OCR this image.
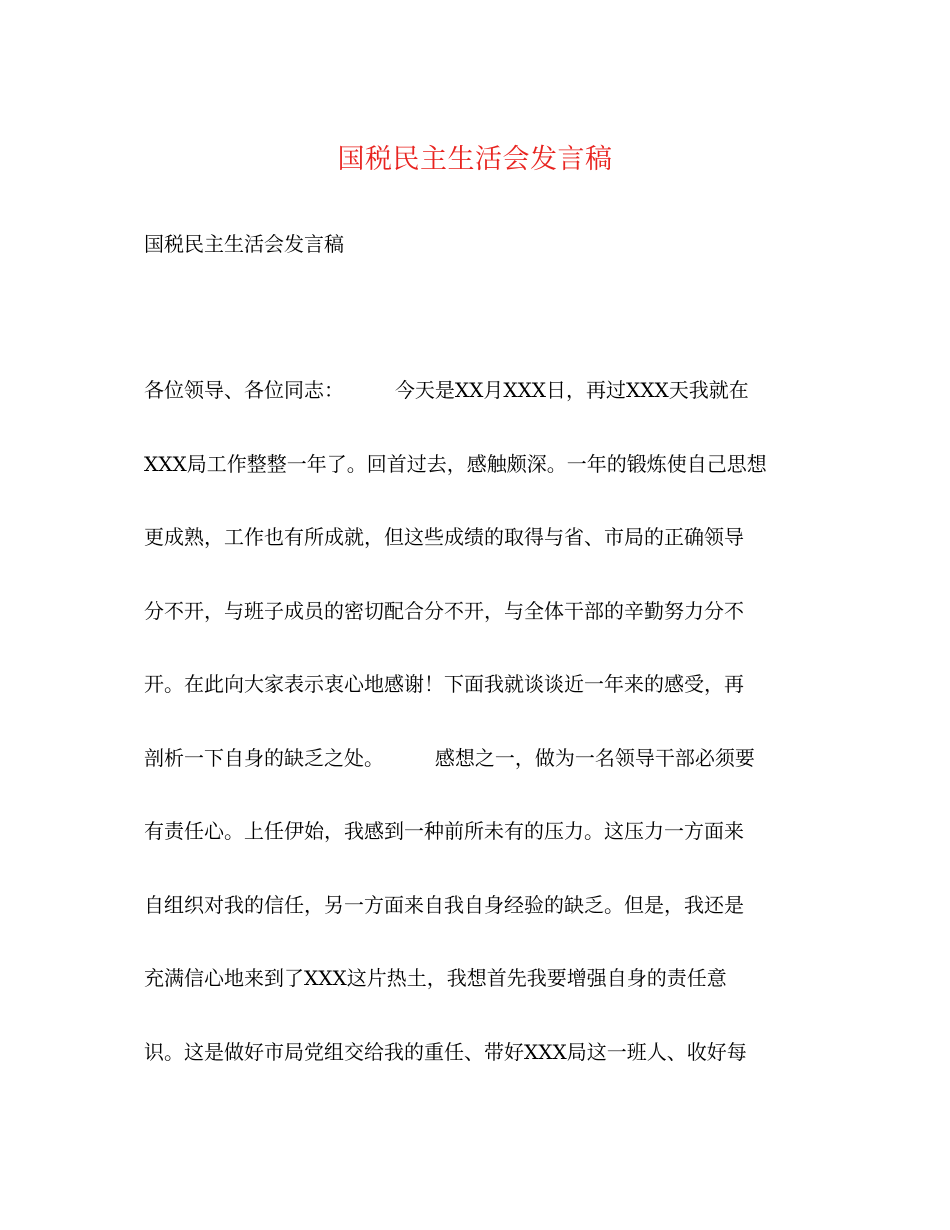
国税民主生活会发言稿

国税民主生活会发言稿

各位领导、各位同志：        今天是XX月XXX日，再过XXX天我就在
XXX局工作整整一年了。回首过去，感触颇深。一年的锻炼使自己思想
更成熟，工作也有所成就，但这些成绩的取得与省、市局的正确领导
分不开，与班子成员的密切配合分不开，与全体干部的辛勤努力分不
开。在此向大家表示衷心地感谢！下面我就谈谈近一年来的感受，再
剖析一下自身的缺乏之处。        感想之一，做为一名领导干部必须要
有责任心。上任伊始，我感到一种前所未有的压力。这压力一方面来
自组织对我的信任，另一方面来自我自身经验的缺乏。但是，我还是
充满信心地来到了XXX这片热土，我想首先我要增强自身的责任意
识。这是做好市局党组交给我的重任、带好XXX局这一班人、收好每
